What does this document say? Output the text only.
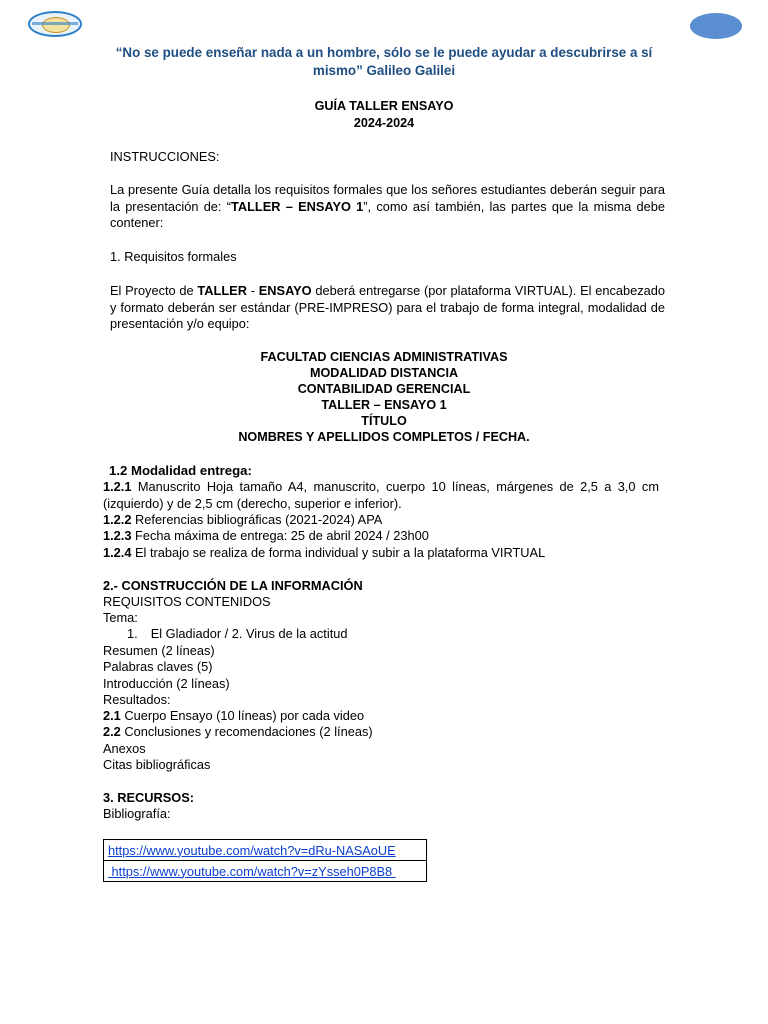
“No se puede enseñar nada a un hombre, sólo se le puede ayudar a descubrirse a sí mismo” Galileo Galilei
GUÍA TALLER ENSAYO
2024-2024
INSTRUCCIONES:
La presente Guía detalla los requisitos formales que los señores estudiantes deberán seguir para la presentación de: “TALLER – ENSAYO 1”, como así también, las partes que la misma debe contener:
1. Requisitos formales
El Proyecto de TALLER - ENSAYO deberá entregarse (por plataforma VIRTUAL). El encabezado y formato deberán ser estándar (PRE-IMPRESO) para el trabajo de forma integral, modalidad de presentación y/o equipo:
FACULTAD CIENCIAS ADMINISTRATIVAS
MODALIDAD DISTANCIA
CONTABILIDAD GERENCIAL
TALLER – ENSAYO 1
TÍTULO
NOMBRES Y APELLIDOS COMPLETOS / FECHA.
1.2 Modalidad entrega:
1.2.1 Manuscrito Hoja tamaño A4, manuscrito, cuerpo 10 líneas, márgenes de 2,5 a 3,0 cm (izquierdo) y de 2,5 cm (derecho, superior e inferior).
1.2.2 Referencias bibliográficas (2021-2024) APA
1.2.3 Fecha máxima de entrega: 25 de abril 2024 / 23h00
1.2.4 El trabajo se realiza de forma individual y subir a la plataforma VIRTUAL
2.- CONSTRUCCIÓN DE LA INFORMACIÓN
REQUISITOS CONTENIDOS
Tema:
1. El Gladiador / 2. Virus de la actitud
Resumen (2 líneas)
Palabras claves (5)
Introducción (2 líneas)
Resultados:
2.1 Cuerpo Ensayo (10 líneas) por cada video
2.2 Conclusiones y recomendaciones (2 líneas)
Anexos
Citas bibliográficas
3. RECURSOS:
Bibliografía:
https://www.youtube.com/watch?v=dRu-NASAoUE
https://www.youtube.com/watch?v=zYsseh0P8B8
